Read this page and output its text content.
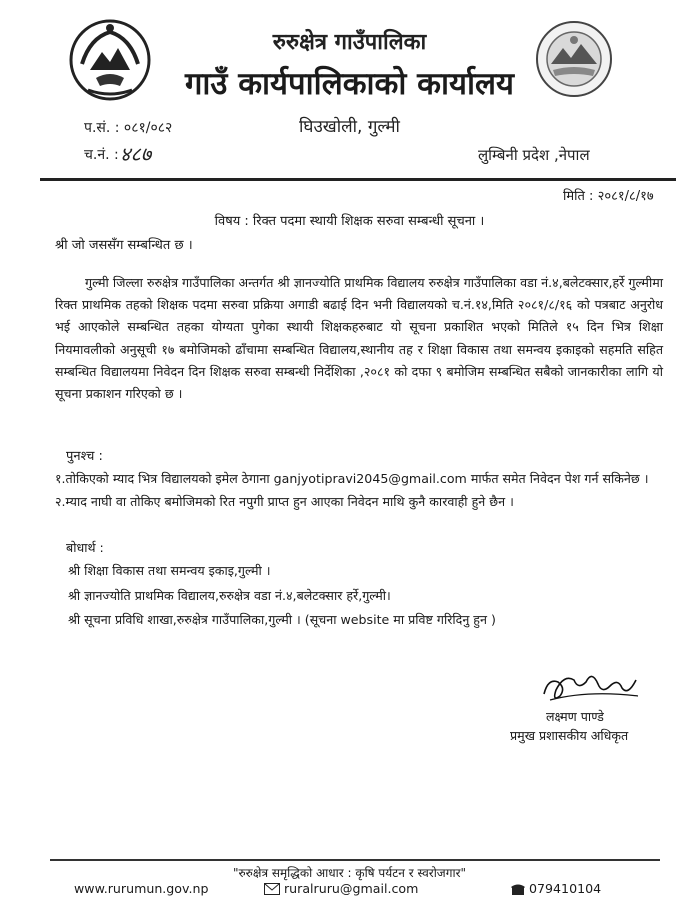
रुरुक्षेत्र गाउँपालिका
गाउँ कार्यपालिकाको कार्यालय
घिउखोली, गुल्मी
प.सं. : ०८१/०८२
च.नं. : ४८७	लुम्बिनी प्रदेश ,नेपाल
मिति : २०८१/८/१७
विषय : रिक्त पदमा स्थायी शिक्षक सरुवा सम्बन्धी सूचना ।
श्री जो जससँग सम्बन्धित छ ।
गुल्मी जिल्ला रुरुक्षेत्र गाउँपालिका अन्तर्गत श्री ज्ञानज्योति प्राथमिक विद्यालय रुरुक्षेत्र गाउँपालिका वडा नं.४,बलेटक्सार,हर्रे गुल्मीमा रिक्त प्राथमिक तहको शिक्षक पदमा सरुवा प्रक्रिया अगाडी बढाई दिन भनी विद्यालयको च.नं.१४,मिति २०८१/८/१६ को पत्रबाट अनुरोध भई आएकोले सम्बन्धित तहका योग्यता पुगेका स्थायी शिक्षकहरुबाट यो सूचना प्रकाशित भएको मितिले १५ दिन भित्र शिक्षा नियमावलीको अनुसूची १७ बमोजिमको ढाँचामा सम्बन्धित विद्यालय,स्थानीय तह र शिक्षा विकास तथा समन्वय इकाइको सहमति सहित सम्बन्धित विद्यालयमा निवेदन दिन शिक्षक सरुवा सम्बन्धी निर्देशिका ,२०८१ को दफा ९ बमोजिम सम्बन्धित सबैको जानकारीका लागि यो सूचना प्रकाशन गरिएको छ ।
पुनश्च :
१.तोकिएको म्याद भित्र विद्यालयको इमेल ठेगाना ganjyotipravi2045@gmail.com मार्फत समेत निवेदन पेश गर्न सकिनेछ ।
२.म्याद नाघी वा तोकिए बमोजिमको रित नपुगी प्राप्त हुन आएका निवेदन माथि कुनै कारवाही हुने छैन ।
बोधार्थ :
श्री शिक्षा विकास तथा समन्वय इकाइ,गुल्मी ।
श्री ज्ञानज्योति प्राथमिक विद्यालय,रुरुक्षेत्र वडा नं.४,बलेटक्सार हर्रे,गुल्मी।
श्री सूचना प्रविधि शाखा,रुरुक्षेत्र गाउँपालिका,गुल्मी । (सूचना website मा प्रविष्ट गरिदिनु हुन )
लक्ष्मण पाण्डे
प्रमुख प्रशासकीय अधिकृत
"रुरुक्षेत्र समृद्धिको आधार : कृषि पर्यटन र स्वरोजगार"
www.rurumun.gov.np	ruralruru@gmail.com	079410104
